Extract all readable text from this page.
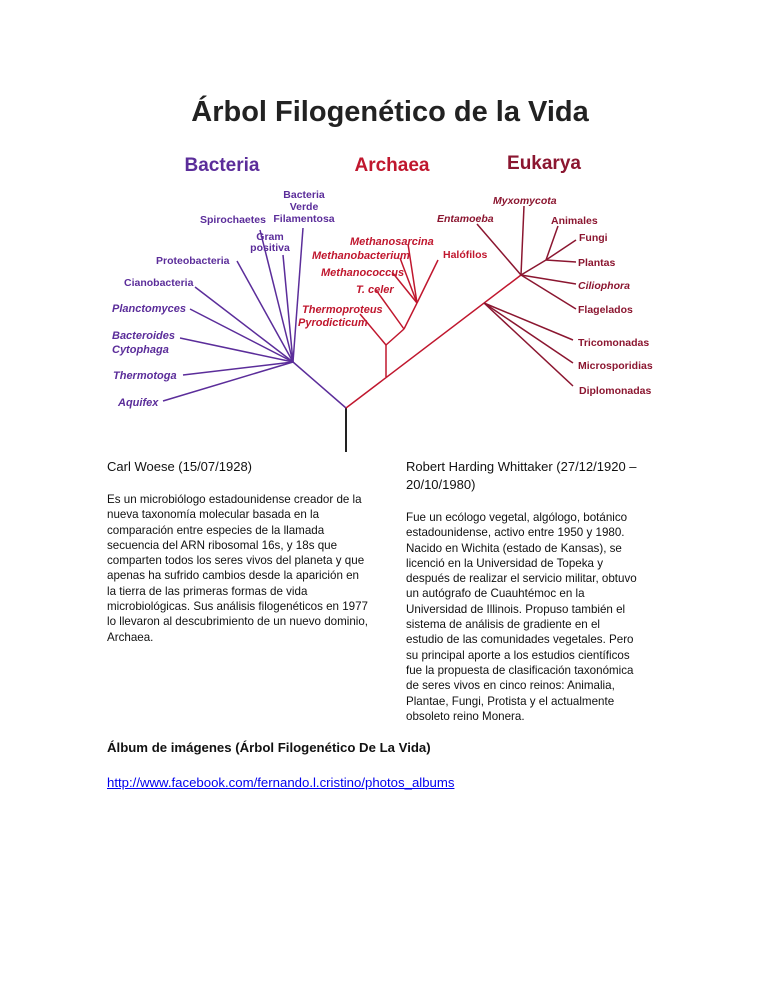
Árbol Filogenético de la Vida
Bacteria	Archaea	Eukarya
Bacteria
Verde
Filamentosa
Spirochaetes
Gram
positiva
Proteobacteria
Cianobacteria
Planctomyces
Bacteroides
Cytophaga
Thermotoga
Aquifex
Methanosarcina
Methanobacterium
Methanococcus
T. celer
Thermoproteus
Pyrodicticum
Halófilos
Myxomycota
Entamoeba	Animales
Fungi
Plantas
Ciliophora
Flagelados
Tricomonadas
Microsporidias
Diplomonadas

Carl Woese (15/07/1928)

Es un microbiólogo estadounidense creador de la nueva taxonomía molecular basada en la comparación entre especies de la llamada secuencia del ARN ribosomal 16s, y 18s que comparten todos los seres vivos del planeta y que apenas ha sufrido cambios desde la aparición en la tierra de las primeras formas de vida microbiológicas. Sus análisis filogenéticos en 1977 lo llevaron al descubrimiento de un nuevo dominio, Archaea.

Robert Harding Whittaker (27/12/1920 – 20/10/1980)

Fue un ecólogo vegetal, algólogo, botánico estadounidense, activo entre 1950 y 1980. Nacido en Wichita (estado de Kansas), se licenció en la Universidad de Topeka y después de realizar el servicio militar, obtuvo un autógrafo de Cuauhtémoc en la Universidad de Illinois. Propuso también el sistema de análisis de gradiente en el estudio de las comunidades vegetales. Pero su principal aporte a los estudios científicos fue la propuesta de clasificación taxonómica de seres vivos en cinco reinos: Animalia, Plantae, Fungi, Protista y el actualmente obsoleto reino Monera.

Álbum de imágenes (Árbol Filogenético De La Vida)
http://www.facebook.com/fernando.l.cristino/photos_albums
